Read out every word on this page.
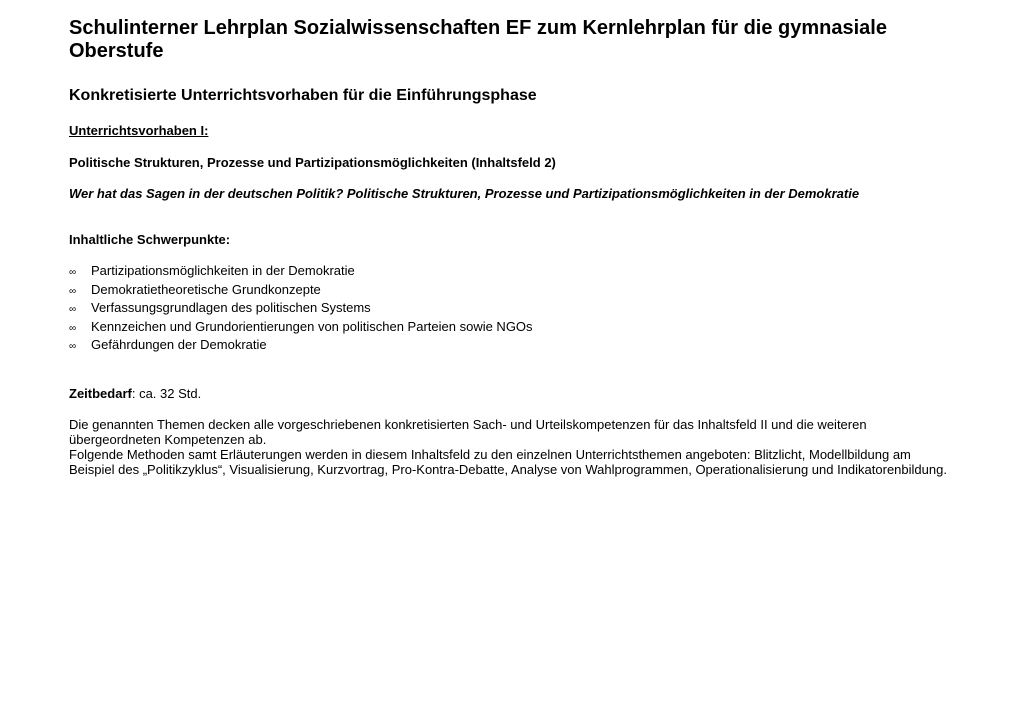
Schulinterner Lehrplan Sozialwissenschaften EF zum Kernlehrplan für die gymnasiale Oberstufe
Konkretisierte Unterrichtsvorhaben für die Einführungsphase

Unterrichtsvorhaben I:

Politische Strukturen, Prozesse und Partizipationsmöglichkeiten (Inhaltsfeld 2)

Wer hat das Sagen in der deutschen Politik? Politische Strukturen, Prozesse und Partizipationsmöglichkeiten in der Demokratie

Inhaltliche Schwerpunkte:

∞	Partizipationsmöglichkeiten in der Demokratie
∞	Demokratietheoretische Grundkonzepte
∞	Verfassungsgrundlagen des politischen Systems
∞	Kennzeichen und Grundorientierungen von politischen Parteien sowie NGOs
∞	Gefährdungen der Demokratie

Zeitbedarf: ca. 32 Std.

Die genannten Themen decken alle vorgeschriebenen konkretisierten Sach- und Urteilskompetenzen für das Inhaltsfeld II und die weiteren übergeordneten Kompetenzen ab.

Folgende Methoden samt Erläuterungen werden in diesem Inhaltsfeld zu den einzelnen Unterrichtsthemen angeboten: Blitzlicht, Modellbildung am Beispiel des „Politikzyklus“, Visualisierung, Kurzvortrag, Pro-Kontra-Debatte, Analyse von Wahlprogrammen, Operationalisierung und Indikatorenbildung.
